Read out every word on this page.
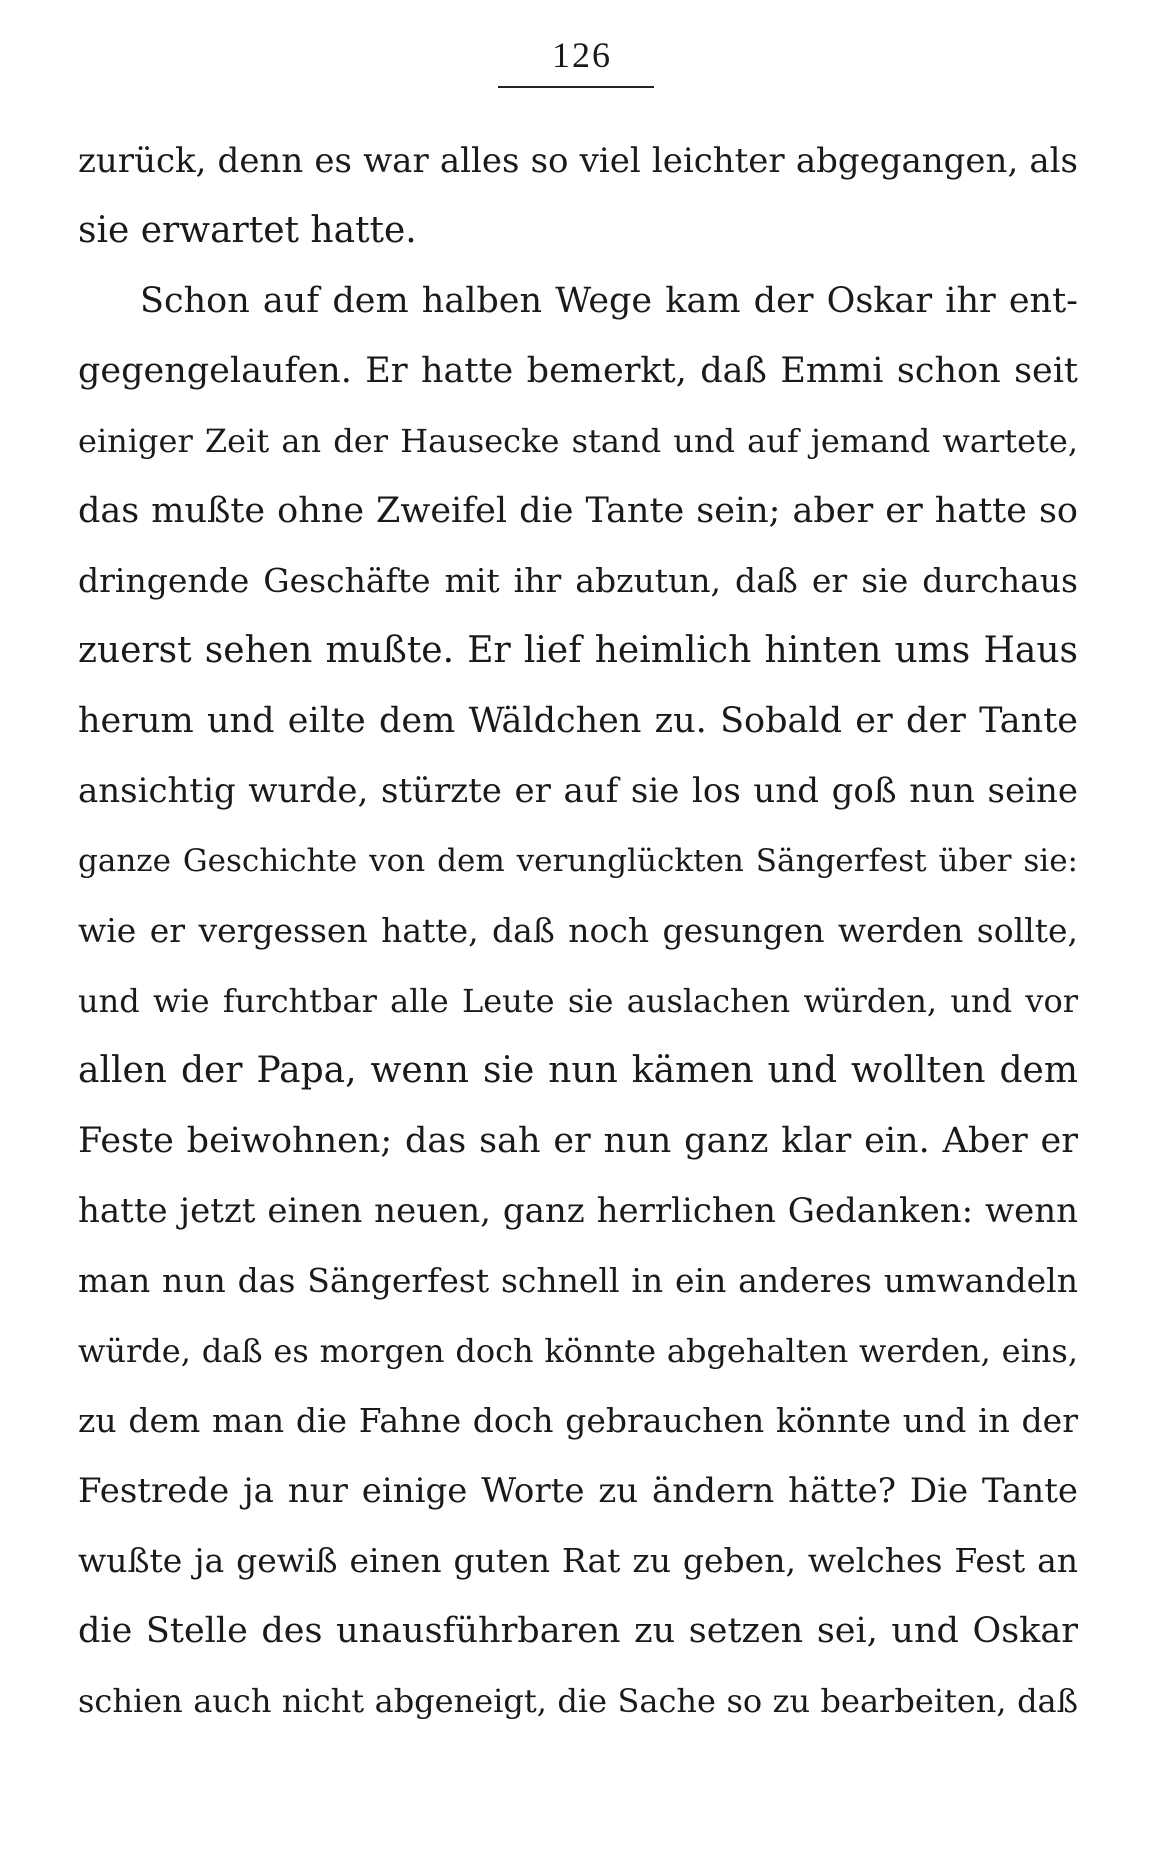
126
zurück, denn es war alles so viel leichter abgegangen, als
sie erwartet hatte.
Schon auf dem halben Wege kam der Oskar ihr ent-
gegengelaufen. Er hatte bemerkt, daß Emmi schon seit
einiger Zeit an der Hausecke stand und auf jemand wartete,
das mußte ohne Zweifel die Tante sein; aber er hatte so
dringende Geschäfte mit ihr abzutun, daß er sie durchaus
zuerst sehen mußte. Er lief heimlich hinten ums Haus
herum und eilte dem Wäldchen zu. Sobald er der Tante
ansichtig wurde, stürzte er auf sie los und goß nun seine
ganze Geschichte von dem verunglückten Sängerfest über sie:
wie er vergessen hatte, daß noch gesungen werden sollte,
und wie furchtbar alle Leute sie auslachen würden, und vor
allen der Papa, wenn sie nun kämen und wollten dem
Feste beiwohnen; das sah er nun ganz klar ein. Aber er
hatte jetzt einen neuen, ganz herrlichen Gedanken: wenn
man nun das Sängerfest schnell in ein anderes umwandeln
würde, daß es morgen doch könnte abgehalten werden, eins,
zu dem man die Fahne doch gebrauchen könnte und in der
Festrede ja nur einige Worte zu ändern hätte? Die Tante
wußte ja gewiß einen guten Rat zu geben, welches Fest an
die Stelle des unausführbaren zu setzen sei, und Oskar
schien auch nicht abgeneigt, die Sache so zu bearbeiten, daß
